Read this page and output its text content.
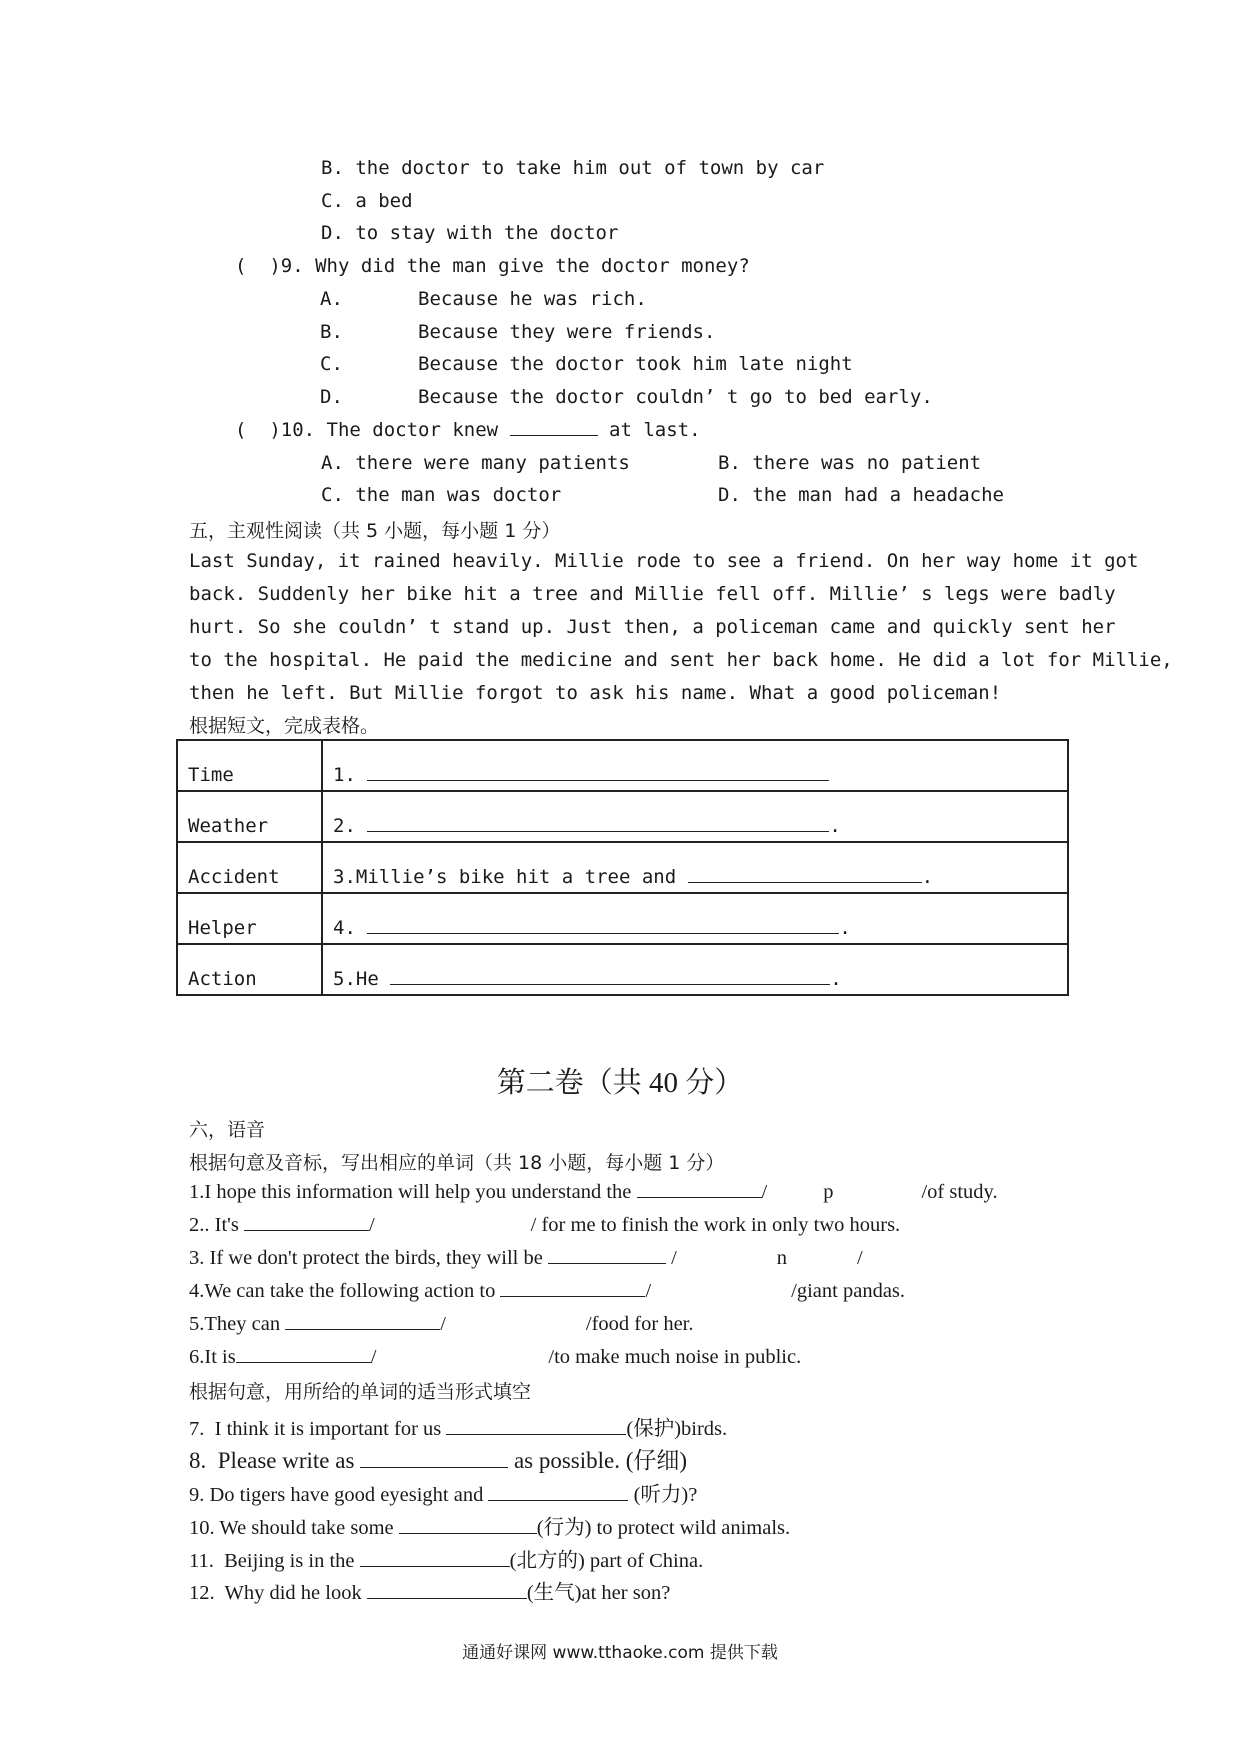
B. the doctor to take him out of town by car
C. a bed
D. to stay with the doctor
(  )9. Why did the man give the doctor money?
A.	Because he was rich.
B.	Because they were friends.
C.	Because the doctor took him late night
D.	Because the doctor couldn’ t go to bed early.
(  )10. The doctor knew	at last.
A. there were many patients	B. there was no patient
C. the man was doctor	D. the man had a headache
五，主观性阅读（共 5 小题，每小题 1 分）
Last Sunday, it rained heavily. Millie rode to see a friend. On her way home it got
back. Suddenly her bike hit a tree and Millie fell off. Millie’ s legs were badly
hurt. So she couldn’ t stand up. Just then, a policeman came and quickly sent her
to the hospital. He paid the medicine and sent her back home. He did a lot for Millie,
then he left. But Millie forgot to ask his name. What a good policeman!
根据短文，完成表格。
Time	1.
Weather	2. .
Accident	3.Millie’s bike hit a tree and .
Helper	4. .
Action	5.He .
第二卷（共 40 分）
六，语音
根据句意及音标，写出相应的单词（共 18 小题，每小题 1 分）
1.I hope this information will help you understand the	/	p	/of study.
2.. It's	/	/ for me to finish the work in only two hours.
3. If we don't protect the birds, they will be	/	n	/
4.We can take the following action to	/	/giant pandas.
5.They can	/	/food for her.
6.It is	/	/to make much noise in public.
根据句意，用所给的单词的适当形式填空
7.  I think it is important for us	(保护)birds.
8.  Please write as	as possible. (仔细)
9. Do tigers have good eyesight and	(听力)?
10. We should take some	(行为) to protect wild animals.
11.  Beijing is in the	(北方的) part of China.
12.  Why did he look	(生气)at her son?
通通好课网 www.tthaoke.com 提供下载
